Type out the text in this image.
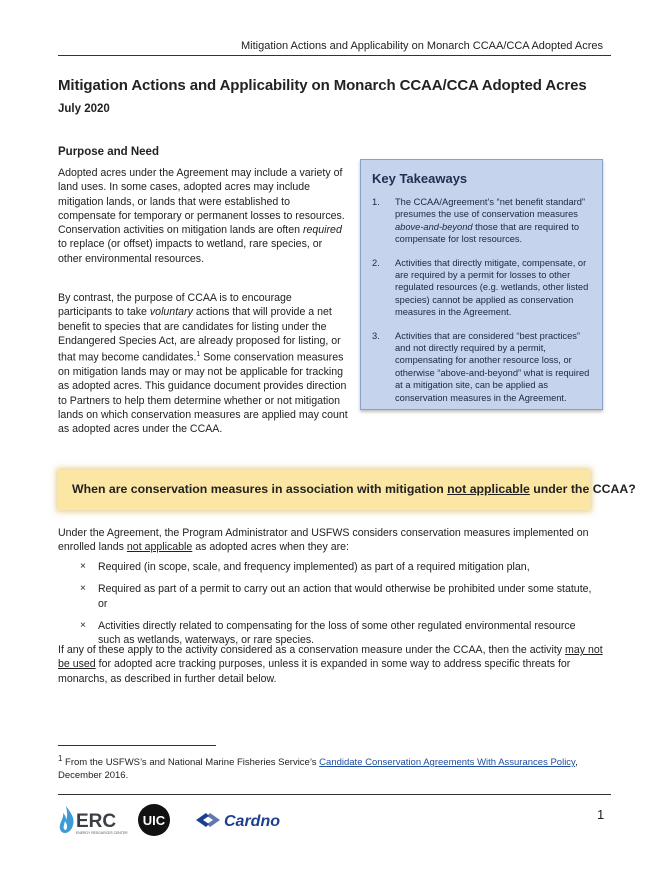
Mitigation Actions and Applicability on Monarch CCAA/CCA Adopted Acres
Mitigation Actions and Applicability on Monarch CCAA/CCA Adopted Acres
July 2020
Purpose and Need
Adopted acres under the Agreement may include a variety of land uses. In some cases, adopted acres may include mitigation lands, or lands that were established to compensate for temporary or permanent losses to resources. Conservation activities on mitigation lands are often required to replace (or offset) impacts to wetland, rare species, or other environmental resources.
By contrast, the purpose of CCAA is to encourage participants to take voluntary actions that will provide a net benefit to species that are candidates for listing under the Endangered Species Act, are already proposed for listing, or that may become candidates.$^1$ Some conservation measures on mitigation lands may or may not be applicable for tracking as adopted acres. This guidance document provides direction to Partners to help them determine whether or not mitigation lands on which conservation measures are applied may count as adopted acres under the CCAA.
Key Takeaways
1. The CCAA/Agreement’s “net benefit standard” presumes the use of conservation measures above-and-beyond those that are required to compensate for lost resources.
2. Activities that directly mitigate, compensate, or are required by a permit for losses to other regulated resources (e.g. wetlands, other listed species) cannot be applied as conservation measures in the Agreement.
3. Activities that are considered “best practices” and not directly required by a permit, compensating for another resource loss, or otherwise “above-and-beyond” what is required at a mitigation site, can be applied as conservation measures in the Agreement.
When are conservation measures in association with mitigation not applicable under the CCAA?
Under the Agreement, the Program Administrator and USFWS considers conservation measures implemented on enrolled lands not applicable as adopted acres when they are:
× Required (in scope, scale, and frequency implemented) as part of a required mitigation plan,
× Required as part of a permit to carry out an action that would otherwise be prohibited under some statute, or
× Activities directly related to compensating for the loss of some other regulated environmental resource such as wetlands, waterways, or rare species.
If any of these apply to the activity considered as a conservation measure under the CCAA, then the activity may not be used for adopted acre tracking purposes, unless it is expanded in some way to address specific threats for monarchs, as described in further detail below.
$^1$ From the USFWS’s and National Marine Fisheries Service’s Candidate Conservation Agreements With Assurances Policy, December 2016.
ERC
ENERGY RESOURCES CENTER
UIC	Cardno	1
